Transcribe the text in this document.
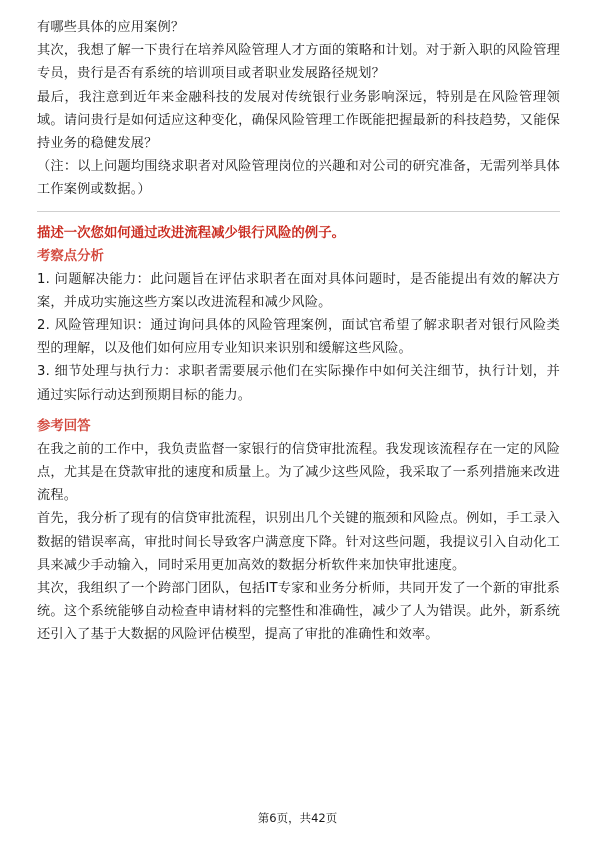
有哪些具体的应用案例？

其次，我想了解一下贵行在培养风险管理人才方面的策略和计划。对于新入职的风险管理专员，贵行是否有系统的培训项目或者职业发展路径规划？

最后，我注意到近年来金融科技的发展对传统银行业务影响深远，特别是在风险管理领域。请问贵行是如何适应这种变化，确保风险管理工作既能把握最新的科技趋势，又能保持业务的稳健发展？

（注：以上问题均围绕求职者对风险管理岗位的兴趣和对公司的研究准备，无需列举具体工作案例或数据。）

描述一次您如何通过改进流程减少银行风险的例子。

考察点分析

1. 问题解决能力：此问题旨在评估求职者在面对具体问题时，是否能提出有效的解决方案，并成功实施这些方案以改进流程和减少风险。

2. 风险管理知识：通过询问具体的风险管理案例，面试官希望了解求职者对银行风险类型的理解，以及他们如何应用专业知识来识别和缓解这些风险。

3. 细节处理与执行力：求职者需要展示他们在实际操作中如何关注细节，执行计划，并通过实际行动达到预期目标的能力。

参考回答

在我之前的工作中，我负责监督一家银行的信贷审批流程。我发现该流程存在一定的风险点，尤其是在贷款审批的速度和质量上。为了减少这些风险，我采取了一系列措施来改进流程。

首先，我分析了现有的信贷审批流程，识别出几个关键的瓶颈和风险点。例如，手工录入数据的错误率高，审批时间长导致客户满意度下降。针对这些问题，我提议引入自动化工具来减少手动输入，同时采用更加高效的数据分析软件来加快审批速度。

其次，我组织了一个跨部门团队，包括IT专家和业务分析师，共同开发了一个新的审批系统。这个系统能够自动检查申请材料的完整性和准确性，减少了人为错误。此外，新系统还引入了基于大数据的风险评估模型，提高了审批的准确性和效率。

第6页，共42页
